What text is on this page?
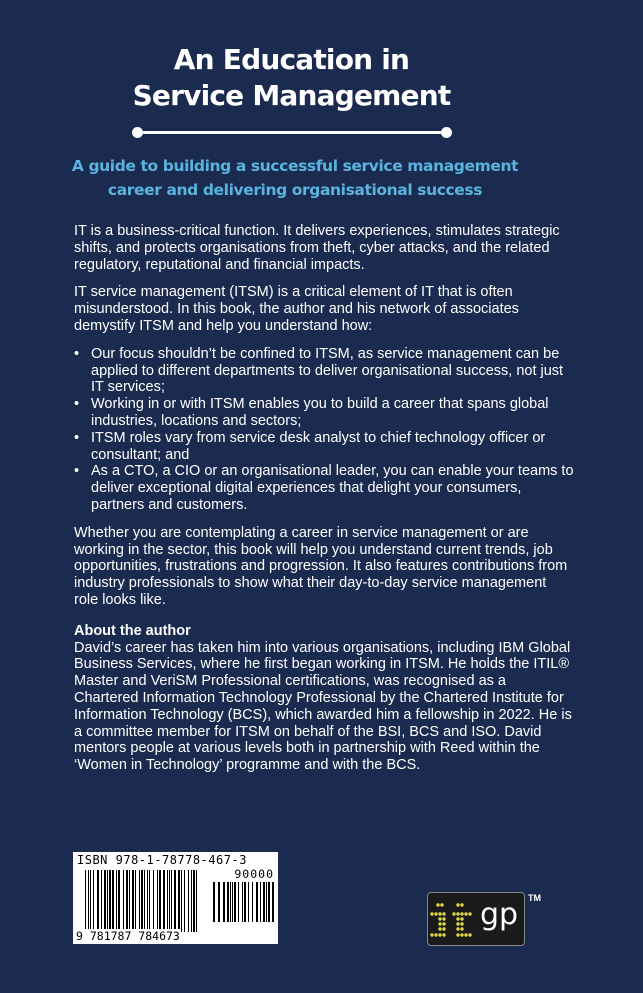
An Education in
Service Management
A guide to building a successful service management
career and delivering organisational success

IT is a business-critical function. It delivers experiences, stimulates strategic shifts, and protects organisations from theft, cyber attacks, and the related regulatory, reputational and financial impacts.

IT service management (ITSM) is a critical element of IT that is often misunderstood. In this book, the author and his network of associates demystify ITSM and help you understand how:

• Our focus shouldn’t be confined to ITSM, as service management can be applied to different departments to deliver organisational success, not just IT services;
• Working in or with ITSM enables you to build a career that spans global industries, locations and sectors;
• ITSM roles vary from service desk analyst to chief technology officer or consultant; and
• As a CTO, a CIO or an organisational leader, you can enable your teams to deliver exceptional digital experiences that delight your consumers, partners and customers.

Whether you are contemplating a career in service management or are working in the sector, this book will help you understand current trends, job opportunities, frustrations and progression. It also features contributions from industry professionals to show what their day-to-day service management role looks like.

About the author
David’s career has taken him into various organisations, including IBM Global Business Services, where he first began working in ITSM. He holds the ITIL® Master and VeriSM Professional certifications, was recognised as a Chartered Information Technology Professional by the Chartered Institute for Information Technology (BCS), which awarded him a fellowship in 2022. He is a committee member for ITSM on behalf of the BSI, BCS and ISO. David mentors people at various levels both in partnership with Reed within the ‘Women in Technology’ programme and with the BCS.
ISBN 978-1-78778-467-3
90000
9 781787 784673
gp TM
